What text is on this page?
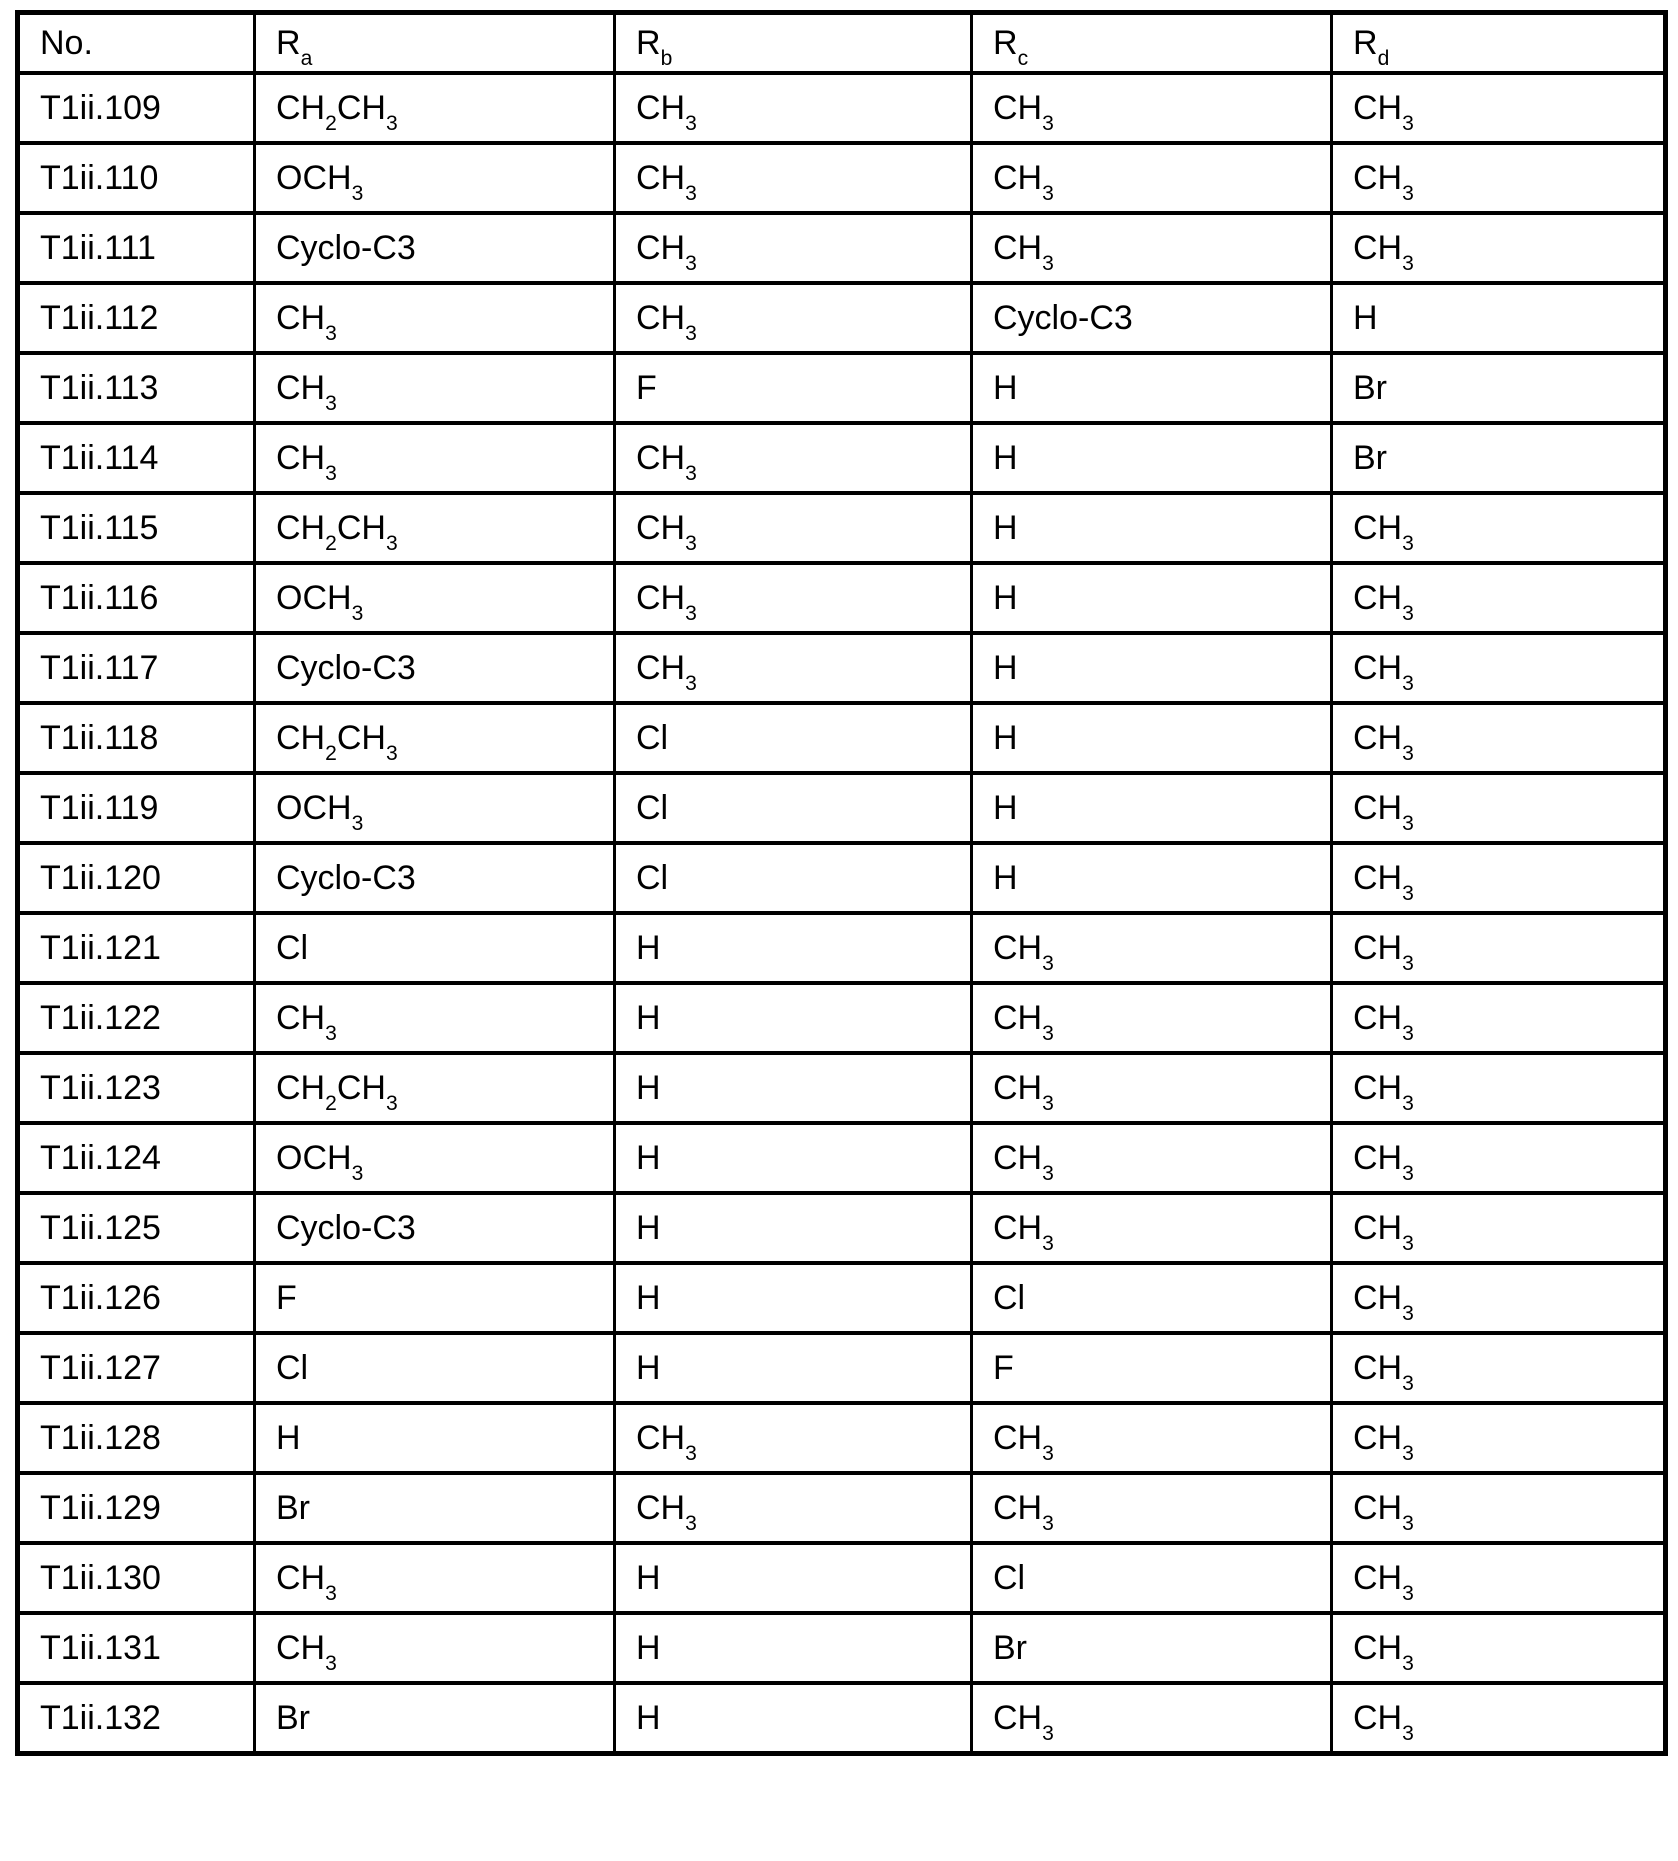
No.	$R_a$	$R_b$	$R_c$	$R_d$
T1ii.109	$CH_2CH_3$	$CH_3$	$CH_3$	$CH_3$
T1ii.110	$OCH_3$	$CH_3$	$CH_3$	$CH_3$
T1ii.111	Cyclo-C3	$CH_3$	$CH_3$	$CH_3$
T1ii.112	$CH_3$	$CH_3$	Cyclo-C3	H
T1ii.113	$CH_3$	F	H	Br
T1ii.114	$CH_3$	$CH_3$	H	Br
T1ii.115	$CH_2CH_3$	$CH_3$	H	$CH_3$
T1ii.116	$OCH_3$	$CH_3$	H	$CH_3$
T1ii.117	Cyclo-C3	$CH_3$	H	$CH_3$
T1ii.118	$CH_2CH_3$	Cl	H	$CH_3$
T1ii.119	$OCH_3$	Cl	H	$CH_3$
T1ii.120	Cyclo-C3	Cl	H	$CH_3$
T1ii.121	Cl	H	$CH_3$	$CH_3$
T1ii.122	$CH_3$	H	$CH_3$	$CH_3$
T1ii.123	$CH_2CH_3$	H	$CH_3$	$CH_3$
T1ii.124	$OCH_3$	H	$CH_3$	$CH_3$
T1ii.125	Cyclo-C3	H	$CH_3$	$CH_3$
T1ii.126	F	H	Cl	$CH_3$
T1ii.127	Cl	H	F	$CH_3$
T1ii.128	H	$CH_3$	$CH_3$	$CH_3$
T1ii.129	Br	$CH_3$	$CH_3$	$CH_3$
T1ii.130	$CH_3$	H	Cl	$CH_3$
T1ii.131	$CH_3$	H	Br	$CH_3$
T1ii.132	Br	H	$CH_3$	$CH_3$
